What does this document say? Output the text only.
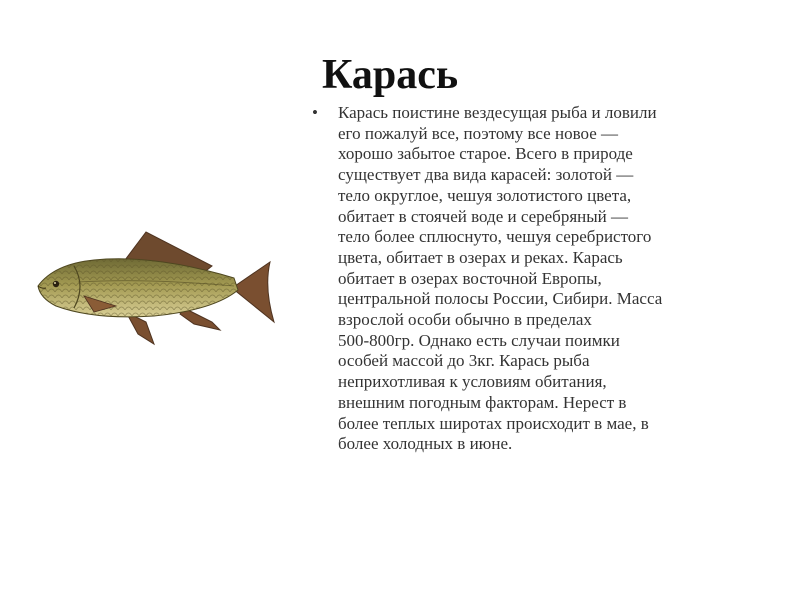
Карась
• Карась поистине вездесущая рыба и ловили
его пожалуй все, поэтому все новое —
хорошо забытое старое. Всего в природе
существует два вида карасей: золотой —
тело округлое, чешуя золотистого цвета,
обитает в стоячей воде и серебряный —
тело более сплюснуто, чешуя серебристого
цвета, обитает в озерах и реках. Карась
обитает в озерах восточной Европы,
центральной полосы России, Сибири. Масса
взрослой особи обычно в пределах
500-800гр. Однако есть случаи поимки
особей массой до 3кг. Карась рыба
неприхотливая к условиям обитания,
внешним погодным факторам. Нерест в
более теплых широтах происходит в мае, в
более холодных в июне.
